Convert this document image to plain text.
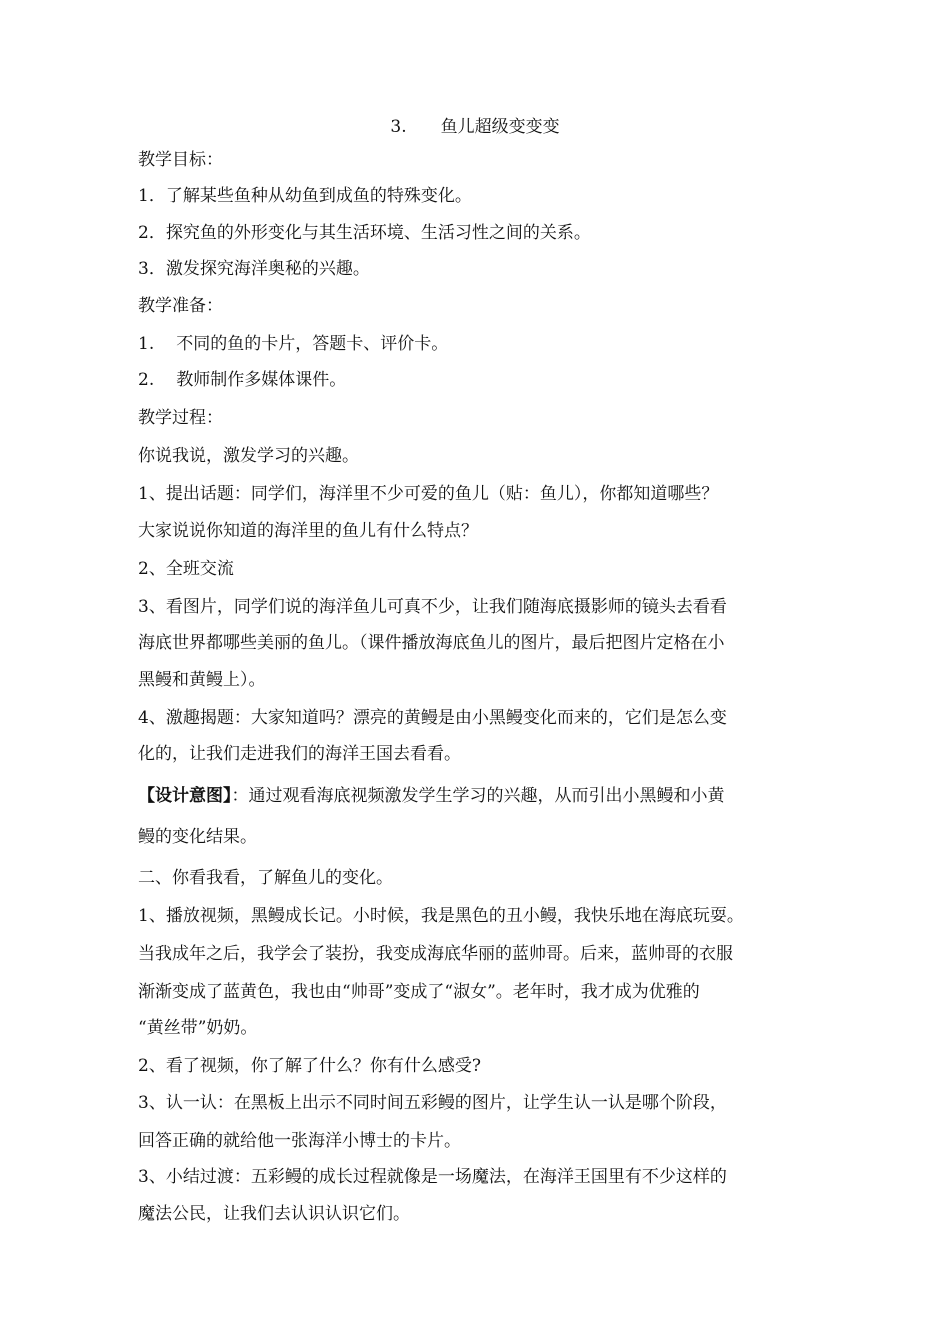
3. 鱼儿超级变变变
教学目标：
1．了解某些鱼种从幼鱼到成鱼的特殊变化。
2．探究鱼的外形变化与其生活环境、生活习性之间的关系。
3．激发探究海洋奥秘的兴趣。
教学准备：
1. 不同的鱼的卡片，答题卡、评价卡。
2. 教师制作多媒体课件。
教学过程：
你说我说，激发学习的兴趣。
1、提出话题：同学们，海洋里不少可爱的鱼儿（贴：鱼儿），你都知道哪些？
大家说说你知道的海洋里的鱼儿有什么特点？
2、全班交流
3、看图片，同学们说的海洋鱼儿可真不少，让我们随海底摄影师的镜头去看看
海底世界都哪些美丽的鱼儿。（课件播放海底鱼儿的图片，最后把图片定格在小
黑鳗和黄鳗上）。
4、激趣揭题：大家知道吗？漂亮的黄鳗是由小黑鳗变化而来的，它们是怎么变
化的，让我们走进我们的海洋王国去看看。
【设计意图】：通过观看海底视频激发学生学习的兴趣，从而引出小黑鳗和小黄
鳗的变化结果。
二、你看我看，了解鱼儿的变化。
1、播放视频，黑鳗成长记。小时候，我是黑色的丑小鳗，我快乐地在海底玩耍。
当我成年之后，我学会了装扮，我变成海底华丽的蓝帅哥。后来，蓝帅哥的衣服
渐渐变成了蓝黄色，我也由“帅哥”变成了“淑女”。老年时，我才成为优雅的
“黄丝带”奶奶。
2、看了视频，你了解了什么？你有什么感受?
3、认一认：在黑板上出示不同时间五彩鳗的图片，让学生认一认是哪个阶段，
回答正确的就给他一张海洋小博士的卡片。
3、小结过渡：五彩鳗的成长过程就像是一场魔法，在海洋王国里有不少这样的
魔法公民，让我们去认识认识它们。
